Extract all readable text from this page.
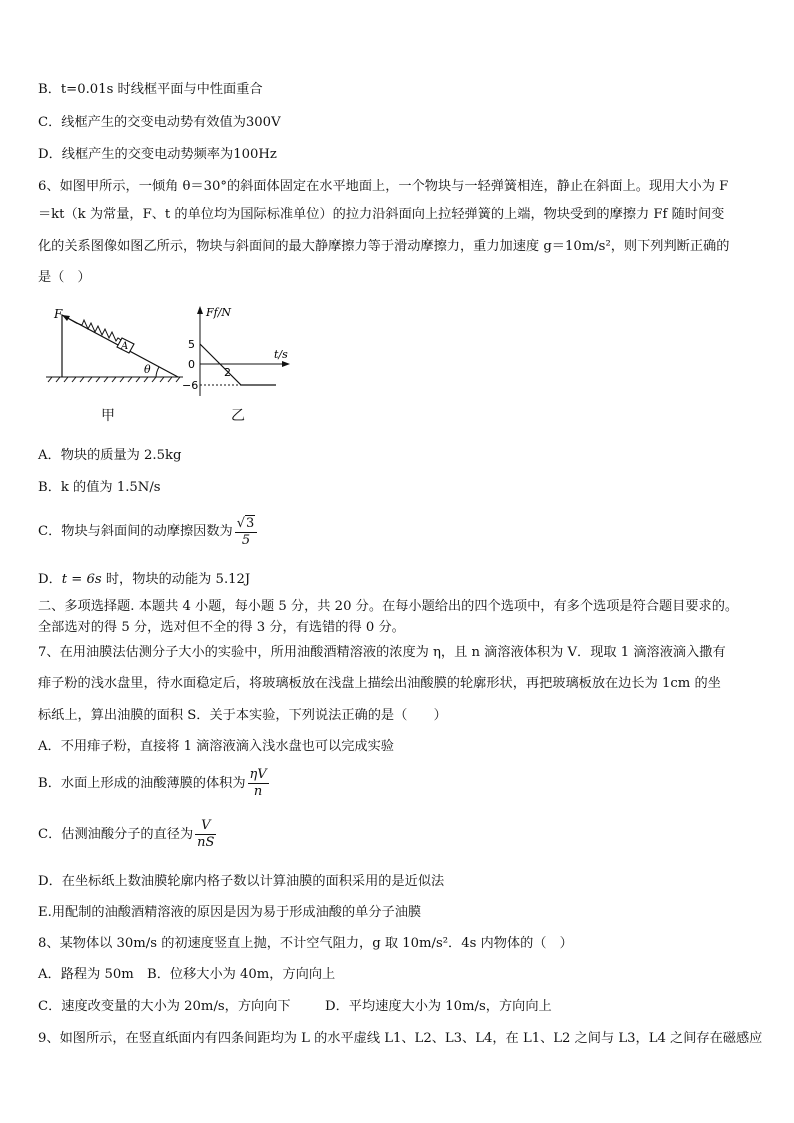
B．t=0.01s 时线框平面与中性面重合
C．线框产生的交变电动势有效值为300V
D．线框产生的交变电动势频率为100Hz
6、如图甲所示，一倾角 θ＝30°的斜面体固定在水平地面上，一个物块与一轻弹簧相连，静止在斜面上。现用大小为 F
＝kt（k 为常量，F、t 的单位均为国际标准单位）的拉力沿斜面向上拉轻弹簧的上端，物块受到的摩擦力 Ff 随时间变
化的关系图像如图乙所示，物块与斜面间的最大静摩擦力等于滑动摩擦力，重力加速度 g＝10m/s²，则下列判断正确的
是（　）
F
A
θ
甲
Ff/N
t/s
5
0
−6
2
乙
A．物块的质量为 2.5kg
B．k 的值为 1.5N/s
C．物块与斜面间的动摩擦因数为 $\frac{√3}{5}$
D．t = 6s 时，物块的动能为 5.12J
二、多项选择题. 本题共 4 小题，每小题 5 分，共 20 分。在每小题给出的四个选项中，有多个选项是符合题目要求的。
全部选对的得 5 分，选对但不全的得 3 分，有选错的得 0 分。
7、在用油膜法估测分子大小的实验中，所用油酸酒精溶液的浓度为 η，且 n 滴溶液体积为 V．现取 1 滴溶液滴入撒有
痱子粉的浅水盘里，待水面稳定后，将玻璃板放在浅盘上描绘出油酸膜的轮廓形状，再把玻璃板放在边长为 1cm 的坐
标纸上，算出油膜的面积 S．关于本实验，下列说法正确的是（　　）
A．不用痱子粉，直接将 1 滴溶液滴入浅水盘也可以完成实验
B．水面上形成的油酸薄膜的体积为 $\frac{\eta V}{n}$
C．估测油酸分子的直径为 $\frac{V}{nS}$
D．在坐标纸上数油膜轮廓内格子数以计算油膜的面积采用的是近似法
E.用配制的油酸酒精溶液的原因是因为易于形成油酸的单分子油膜
8、某物体以 30m/s 的初速度竖直上抛，不计空气阻力，g 取 10m/s²．4s 内物体的（　）
A．路程为 50m B．位移大小为 40m，方向向上
C．速度改变量的大小为 20m/s，方向向下	D．平均速度大小为 10m/s，方向向上
9、如图所示，在竖直纸面内有四条间距均为 L 的水平虚线 L1、L2、L3、L4，在 L1、L2 之间与 L3，L4 之间存在磁感应
